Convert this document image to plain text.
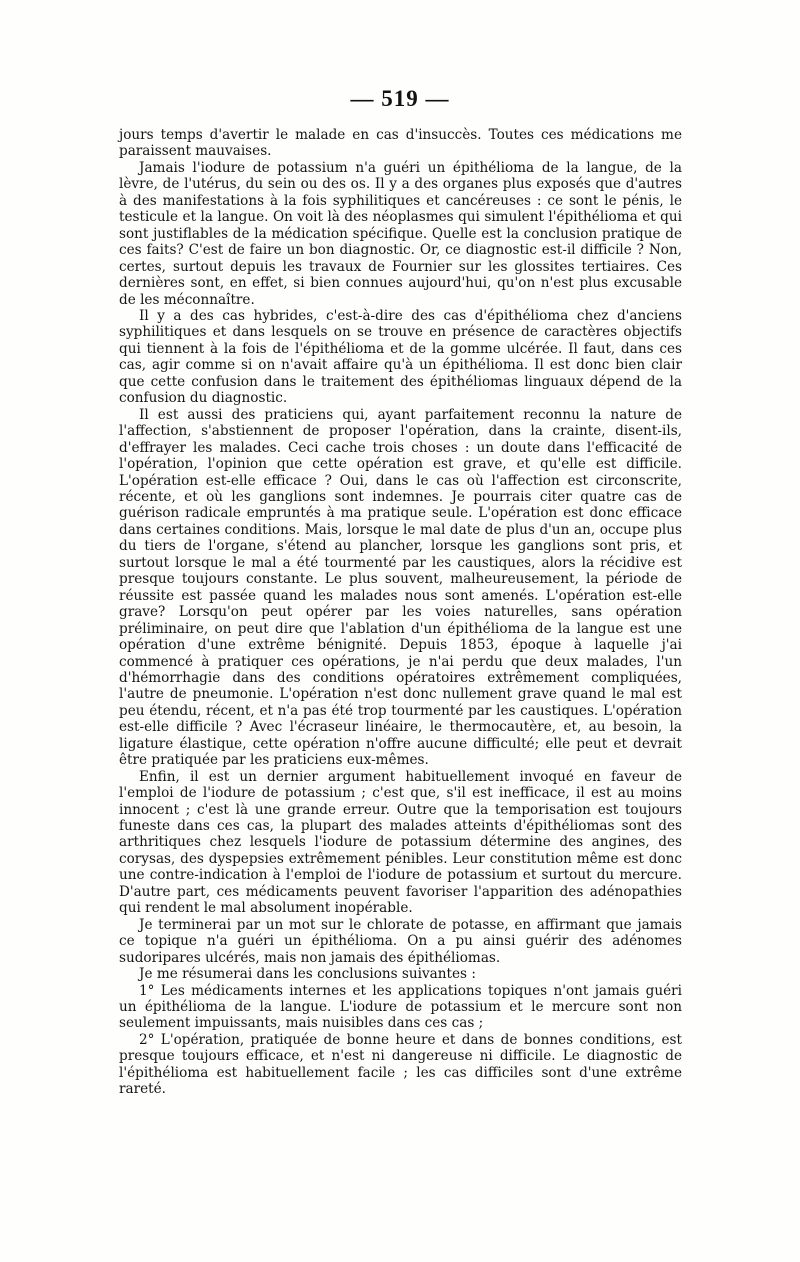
— 519 —

jours temps d'avertir le malade en cas d'insuccès. Toutes ces médications me paraissent mauvaises.

Jamais l'iodure de potassium n'a guéri un épithélioma de la langue, de la lèvre, de l'utérus, du sein ou des os. Il y a des organes plus exposés que d'autres à des manifestations à la fois syphilitiques et cancéreuses : ce sont le pénis, le testicule et la langue. On voit là des néoplasmes qui simulent l'épithélioma et qui sont justiflables de la médication spécifique. Quelle est la conclusion pratique de ces faits? C'est de faire un bon diagnostic. Or, ce diagnostic est-il difficile ? Non, certes, surtout depuis les travaux de Fournier sur les glossites tertiaires. Ces dernières sont, en effet, si bien connues aujourd'hui, qu'on n'est plus excusable de les méconnaître.

Il y a des cas hybrides, c'est-à-dire des cas d'épithélioma chez d'anciens syphilitiques et dans lesquels on se trouve en présence de caractères objectifs qui tiennent à la fois de l'épithélioma et de la gomme ulcérée. Il faut, dans ces cas, agir comme si on n'avait affaire qu'à un épithélioma. Il est donc bien clair que cette confusion dans le traitement des épithéliomas linguaux dépend de la confusion du diagnostic.

Il est aussi des praticiens qui, ayant parfaitement reconnu la nature de l'affection, s'abstiennent de proposer l'opération, dans la crainte, disent-ils, d'effrayer les malades. Ceci cache trois choses : un doute dans l'efficacité de l'opération, l'opinion que cette opération est grave, et qu'elle est difficile. L'opération est-elle efficace ? Oui, dans le cas où l'affection est circonscrite, récente, et où les ganglions sont indemnes. Je pourrais citer quatre cas de guérison radicale empruntés à ma pratique seule. L'opération est donc efficace dans certaines conditions. Mais, lorsque le mal date de plus d'un an, occupe plus du tiers de l'organe, s'étend au plancher, lorsque les ganglions sont pris, et surtout lorsque le mal a été tourmenté par les caustiques, alors la récidive est presque toujours constante. Le plus souvent, malheureusement, la période de réussite est passée quand les malades nous sont amenés. L'opération est-elle grave? Lorsqu'on peut opérer par les voies naturelles, sans opération préliminaire, on peut dire que l'ablation d'un épithélioma de la langue est une opération d'une extrême bénignité. Depuis 1853, époque à laquelle j'ai commencé à pratiquer ces opérations, je n'ai perdu que deux malades, l'un d'hémorrhagie dans des conditions opératoires extrêmement compliquées, l'autre de pneumonie. L'opération n'est donc nullement grave quand le mal est peu étendu, récent, et n'a pas été trop tourmenté par les caustiques. L'opération est-elle difficile ? Avec l'écraseur linéaire, le thermocautère, et, au besoin, la ligature élastique, cette opération n'offre aucune difficulté; elle peut et devrait être pratiquée par les praticiens eux-mêmes.

Enfin, il est un dernier argument habituellement invoqué en faveur de l'emploi de l'iodure de potassium ; c'est que, s'il est inefficace, il est au moins innocent ; c'est là une grande erreur. Outre que la temporisation est toujours funeste dans ces cas, la plupart des malades atteints d'épithéliomas sont des arthritiques chez lesquels l'iodure de potassium détermine des angines, des corysas, des dyspepsies extrêmement pénibles. Leur constitution même est donc une contre-indication à l'emploi de l'iodure de potassium et surtout du mercure. D'autre part, ces médicaments peuvent favoriser l'apparition des adénopathies qui rendent le mal absolument inopérable.

Je terminerai par un mot sur le chlorate de potasse, en affirmant que jamais ce topique n'a guéri un épithélioma. On a pu ainsi guérir des adénomes sudoripares ulcérés, mais non jamais des épithéliomas.

Je me résumerai dans les conclusions suivantes :

1° Les médicaments internes et les applications topiques n'ont jamais guéri un épithélioma de la langue. L'iodure de potassium et le mercure sont non seulement impuissants, mais nuisibles dans ces cas ;

2° L'opération, pratiquée de bonne heure et dans de bonnes conditions, est presque toujours efficace, et n'est ni dangereuse ni difficile. Le diagnostic de l'épithélioma est habituellement facile ; les cas difficiles sont d'une extrême rareté.
